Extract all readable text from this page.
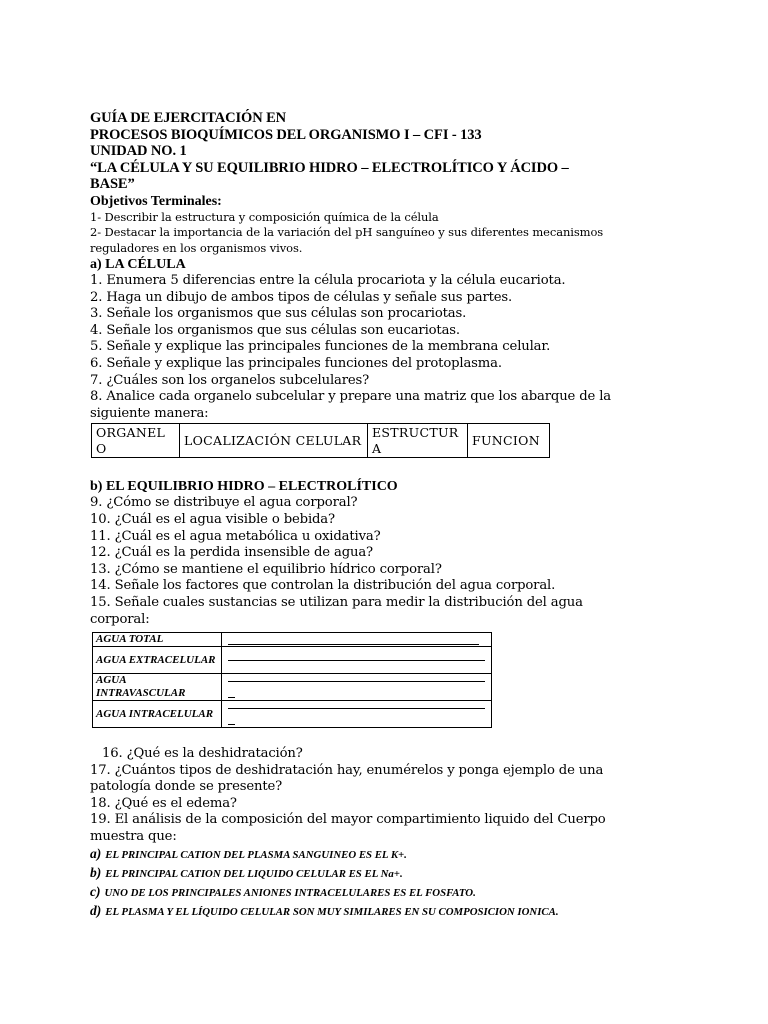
GUÍA DE EJERCITACIÓN EN
PROCESOS BIOQUÍMICOS DEL ORGANISMO I – CFI - 133
UNIDAD NO. 1
“LA CÉLULA Y SU EQUILIBRIO HIDRO – ELECTROLÍTICO Y ÁCIDO –
BASE”
Objetivos Terminales:
1- Describir la estructura y composición química de la célula
2- Destacar la importancia de la variación del pH sanguíneo y sus diferentes mecanismos reguladores en los organismos vivos.
a) LA CÉLULA
1. Enumera 5 diferencias entre la célula procariota y la célula eucariota.
2. Haga un dibujo de ambos tipos de células y señale sus partes.
3. Señale los organismos que sus células son procariotas.
4. Señale los organismos que sus células son eucariotas.
5. Señale y explique las principales funciones de la membrana celular.
6. Señale y explique las principales funciones del protoplasma.
7. ¿Cuáles son los organelos subcelulares?
8. Analice cada organelo subcelular y prepare una matriz que los abarque de la siguiente manera:
ORGANEL O	LOCALIZACIÓN CELULAR	ESTRUCTUR A	FUNCION
b) EL EQUILIBRIO HIDRO – ELECTROLÍTICO
9. ¿Cómo se distribuye el agua corporal?
10. ¿Cuál es el agua visible o bebida?
11. ¿Cuál es el agua metabólica u oxidativa?
12. ¿Cuál es la perdida insensible de agua?
13. ¿Cómo se mantiene el equilibrio hídrico corporal?
14. Señale los factores que controlan la distribución del agua corporal.
15. Señale cuales sustancias se utilizan para medir la distribución del agua corporal:
AGUA TOTAL	

AGUA EXTRACELULAR	

AGUA INTRAVASCULAR	

AGUA INTRACELULAR	
16. ¿Qué es la deshidratación?
17. ¿Cuántos tipos de deshidratación hay, enumérelos y ponga ejemplo de una patología donde se presente?
18. ¿Qué es el edema?
19. El análisis de la composición del mayor compartimiento liquido del Cuerpo muestra que:
a) EL PRINCIPAL CATION DEL PLASMA SANGUINEO ES EL K+.
b) EL PRINCIPAL CATION DEL LIQUIDO CELULAR ES EL Na+.
c) UNO DE LOS PRINCIPALES ANIONES INTRACELULARES ES EL FOSFATO.
d) EL PLASMA Y EL LÍQUIDO CELULAR SON MUY SIMILARES EN SU COMPOSICION IONICA.
